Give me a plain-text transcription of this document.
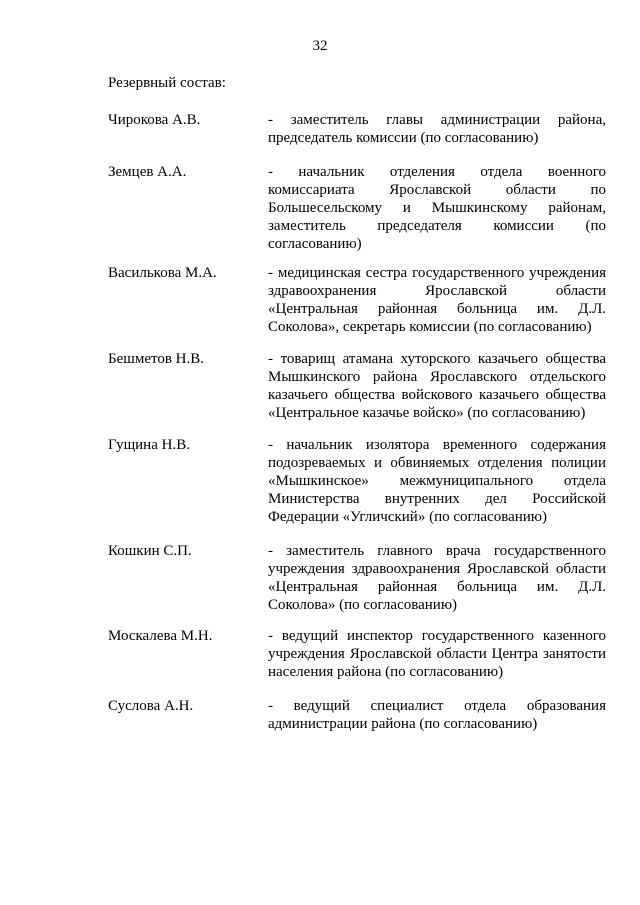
32
Резервный состав:
Чирокова А.В.	- заместитель главы администрации района, председатель комиссии (по согласованию)
Земцев А.А.	- начальник отделения отдела военного комиссариата Ярославской области по Большесельскому и Мышкинскому районам, заместитель председателя комиссии (по согласованию)
Василькова М.А.	- медицинская сестра государственного учреждения здравоохранения Ярославской области «Центральная районная больница им. Д.Л. Соколова», секретарь комиссии (по согласованию)
Бешметов Н.В.	- товарищ атамана хуторского казачьего общества Мышкинского района Ярославского отдельского казачьего общества войскового казачьего общества «Центральное казачье войско» (по согласованию)
Гущина Н.В.	- начальник изолятора временного содержания подозреваемых и обвиняемых отделения полиции «Мышкинское» межмуниципального отдела Министерства внутренних дел Российской Федерации «Угличский» (по согласованию)
Кошкин С.П.	- заместитель главного врача государственного учреждения здравоохранения Ярославской области «Центральная районная больница им. Д.Л. Соколова» (по согласованию)
Москалева М.Н.	- ведущий инспектор государственного казенного учреждения Ярославской области Центра занятости населения района (по согласованию)
Суслова А.Н.	- ведущий специалист отдела образования администрации района (по согласованию)
